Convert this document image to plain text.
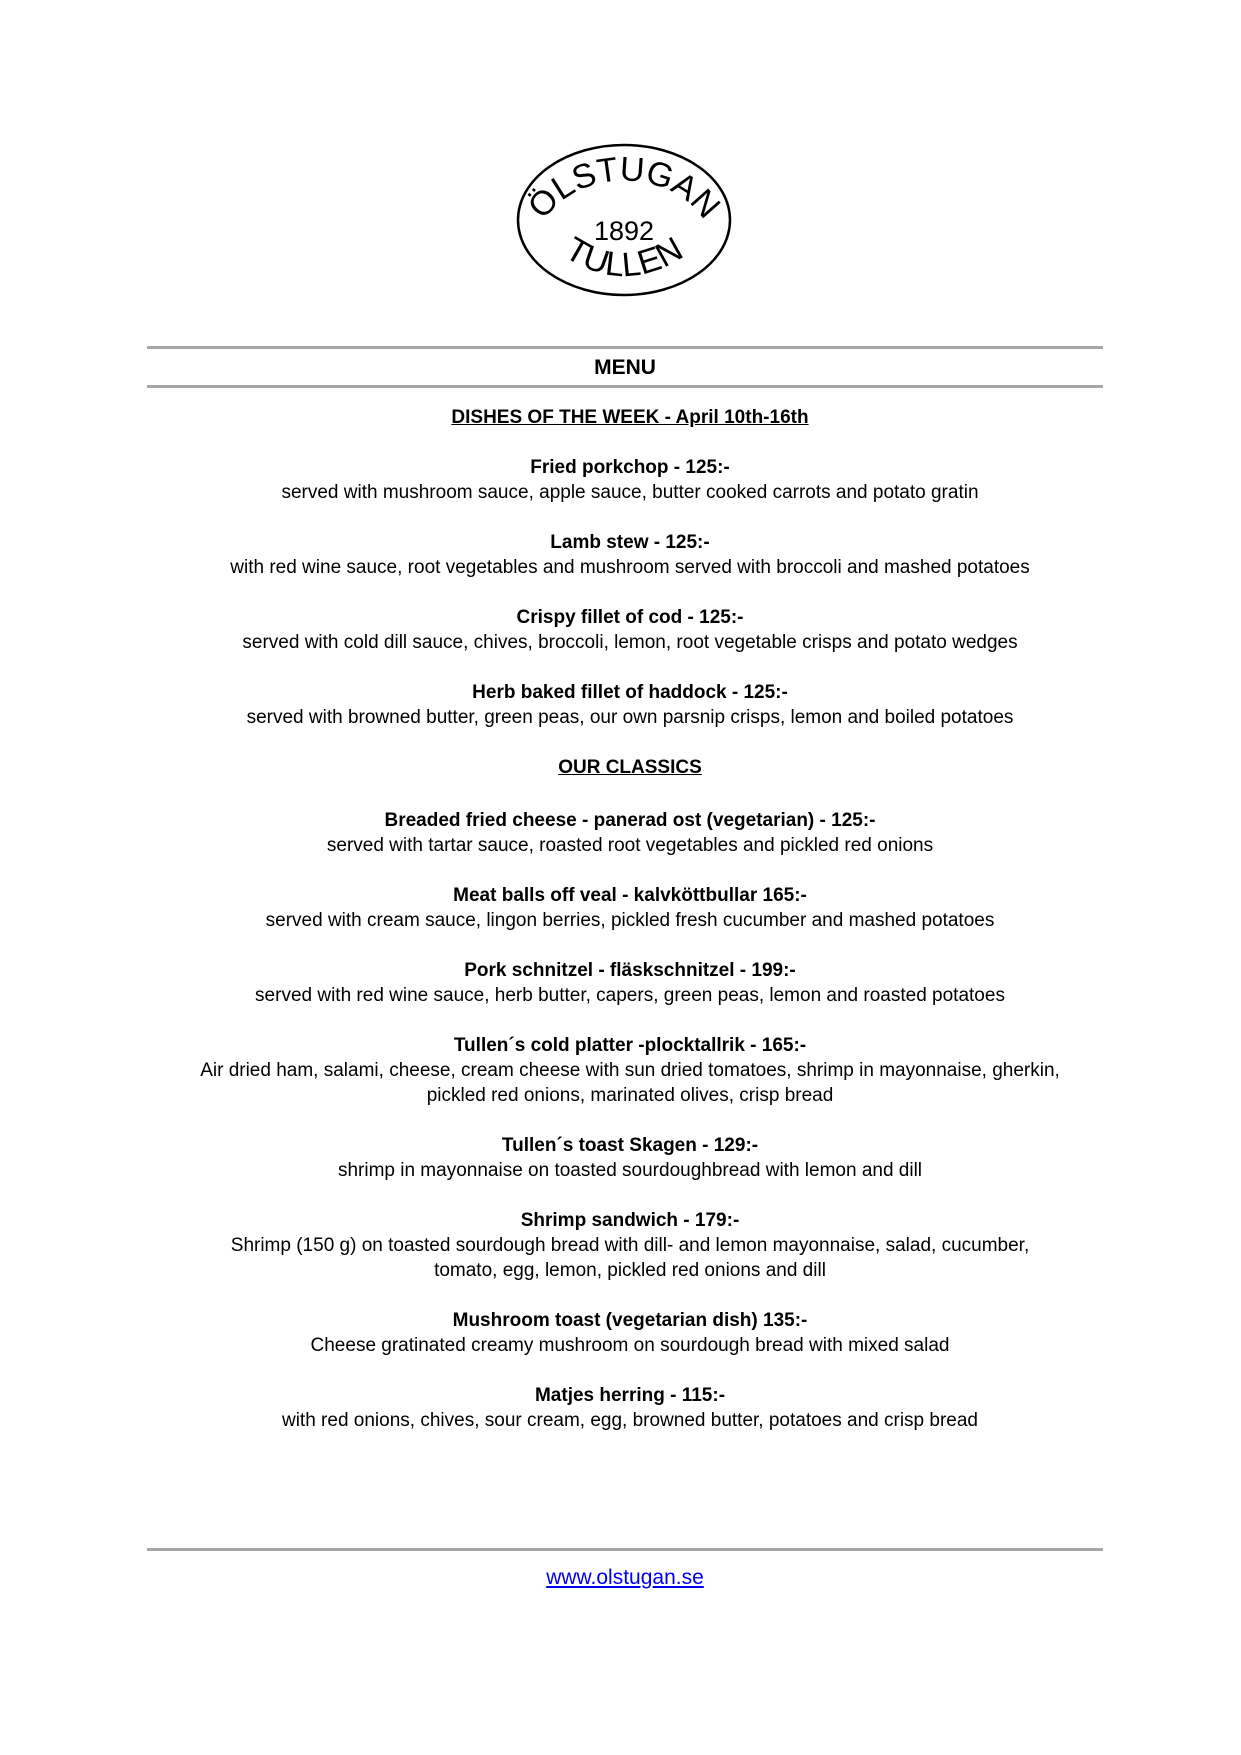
ÖLSTUGAN
1892
TULLEN
MENU
DISHES OF THE WEEK - April 10th-16th
Fried porkchop - 125:-
served with mushroom sauce, apple sauce, butter cooked carrots and potato gratin
Lamb stew - 125:-
with red wine sauce, root vegetables and mushroom served with broccoli and mashed potatoes
Crispy fillet of cod - 125:-
served with cold dill sauce, chives, broccoli, lemon, root vegetable crisps and potato wedges
Herb baked fillet of haddock - 125:-
served with browned butter, green peas, our own parsnip crisps, lemon and boiled potatoes
OUR CLASSICS
Breaded fried cheese - panerad ost (vegetarian) - 125:-
served with tartar sauce, roasted root vegetables and pickled red onions
Meat balls off veal - kalvköttbullar 165:-
served with cream sauce, lingon berries, pickled fresh cucumber and mashed potatoes
Pork schnitzel - fläskschnitzel - 199:-
served with red wine sauce, herb butter, capers, green peas, lemon and roasted potatoes
Tullen´s cold platter -plocktallrik - 165:-
Air dried ham, salami, cheese, cream cheese with sun dried tomatoes, shrimp in mayonnaise, gherkin, pickled red onions, marinated olives, crisp bread
Tullen´s toast Skagen - 129:-
shrimp in mayonnaise on toasted sourdoughbread with lemon and dill
Shrimp sandwich - 179:-
Shrimp (150 g) on toasted sourdough bread with dill- and lemon mayonnaise, salad, cucumber, tomato, egg, lemon, pickled red onions and dill
Mushroom toast (vegetarian dish) 135:-
Cheese gratinated creamy mushroom on sourdough bread with mixed salad
Matjes herring - 115:-
with red onions, chives, sour cream, egg, browned butter, potatoes and crisp bread
www.olstugan.se
